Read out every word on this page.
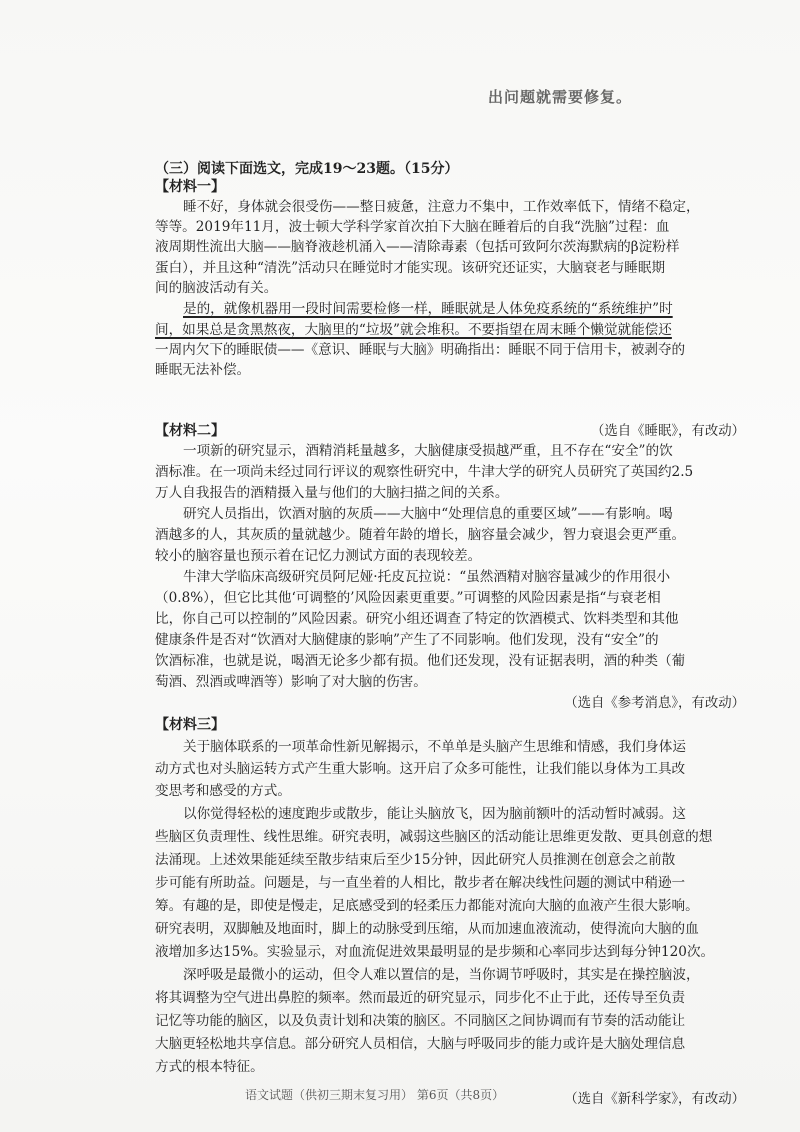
出问题就需要修复。
（三）阅读下面选文，完成19～23题。（15分）
【材料一】
睡不好，身体就会很受伤——整日疲惫，注意力不集中，工作效率低下，情绪不稳定，
等等。2019年11月，波士顿大学科学家首次拍下大脑在睡着后的自我“洗脑”过程：血
液周期性流出大脑——脑脊液趁机涌入——清除毒素（包括可致阿尔茨海默病的β淀粉样
蛋白），并且这种“清洗”活动只在睡觉时才能实现。该研究还证实，大脑衰老与睡眠期
间的脑波活动有关。
是的，就像机器用一段时间需要检修一样，睡眠就是人体免疫系统的“系统维护”时
间，如果总是贪黑熬夜，大脑里的“垃圾”就会堆积。不要指望在周末睡个懒觉就能偿还
一周内欠下的睡眠债——《意识、睡眠与大脑》明确指出：睡眠不同于信用卡，被剥夺的
睡眠无法补偿。
【材料二】	（选自《睡眠》，有改动）
一项新的研究显示，酒精消耗量越多，大脑健康受损越严重，且不存在“安全”的饮
酒标准。在一项尚未经过同行评议的观察性研究中，牛津大学的研究人员研究了英国约2.5
万人自我报告的酒精摄入量与他们的大脑扫描之间的关系。
研究人员指出，饮酒对脑的灰质——大脑中“处理信息的重要区域”——有影响。喝
酒越多的人，其灰质的量就越少。随着年龄的增长，脑容量会减少，智力衰退会更严重。
较小的脑容量也预示着在记忆力测试方面的表现较差。
牛津大学临床高级研究员阿尼娅·托皮瓦拉说：“虽然酒精对脑容量减少的作用很小
（0.8%），但它比其他‘可调整的’风险因素更重要。”可调整的风险因素是指“与衰老相
比，你自己可以控制的”风险因素。研究小组还调查了特定的饮酒模式、饮料类型和其他
健康条件是否对“饮酒对大脑健康的影响”产生了不同影响。他们发现，没有“安全”的
饮酒标准，也就是说，喝酒无论多少都有损。他们还发现，没有证据表明，酒的种类（葡
萄酒、烈酒或啤酒等）影响了对大脑的伤害。
（选自《参考消息》，有改动）
【材料三】
关于脑体联系的一项革命性新见解揭示，不单单是头脑产生思维和情感，我们身体运
动方式也对头脑运转方式产生重大影响。这开启了众多可能性，让我们能以身体为工具改
变思考和感受的方式。
以你觉得轻松的速度跑步或散步，能让头脑放飞，因为脑前额叶的活动暂时减弱。这
些脑区负责理性、线性思维。研究表明，减弱这些脑区的活动能让思维更发散、更具创意的想
法涌现。上述效果能延续至散步结束后至少15分钟，因此研究人员推测在创意会之前散
步可能有所助益。问题是，与一直坐着的人相比，散步者在解决线性问题的测试中稍逊一
筹。有趣的是，即使是慢走，足底感受到的轻柔压力都能对流向大脑的血液产生很大影响。
研究表明，双脚触及地面时，脚上的动脉受到压缩，从而加速血液流动，使得流向大脑的血
液增加多达15%。实验显示，对血流促进效果最明显的是步频和心率同步达到每分钟120次。
深呼吸是最微小的运动，但令人难以置信的是，当你调节呼吸时，其实是在操控脑波，
将其调整为空气进出鼻腔的频率。然而最近的研究显示，同步化不止于此，还传导至负责
记忆等功能的脑区，以及负责计划和决策的脑区。不同脑区之间协调而有节奏的活动能让
大脑更轻松地共享信息。部分研究人员相信，大脑与呼吸同步的能力或许是大脑处理信息
方式的根本特征。
（选自《新科学家》，有改动）
语文试题（供初三期末复习用） 第6页（共8页）
